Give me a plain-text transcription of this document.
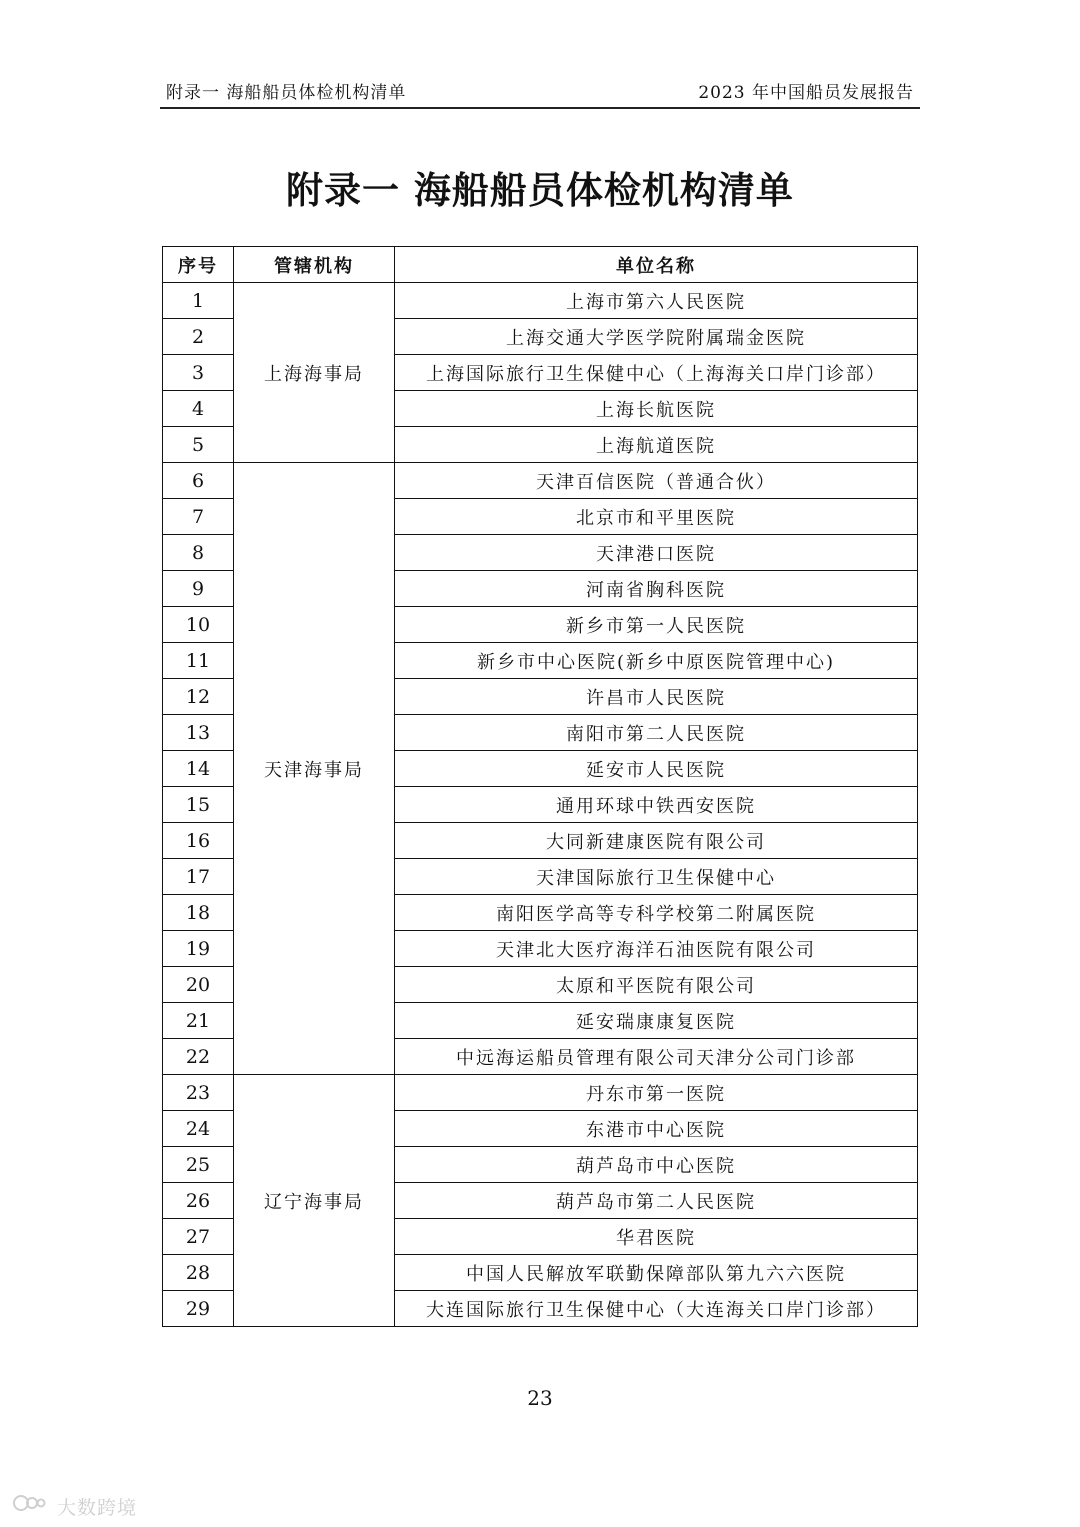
附录一 海船船员体检机构清单	2023 年中国船员发展报告
附录一 海船船员体检机构清单
序号	管辖机构	单位名称
1	上海海事局	上海市第六人民医院
2		上海交通大学医学院附属瑞金医院
3		上海国际旅行卫生保健中心（上海海关口岸门诊部）
4		上海长航医院
5		上海航道医院
6	天津海事局	天津百信医院（普通合伙）
7		北京市和平里医院
8		天津港口医院
9		河南省胸科医院
10		新乡市第一人民医院
11		新乡市中心医院(新乡中原医院管理中心)
12		许昌市人民医院
13		南阳市第二人民医院
14		延安市人民医院
15		通用环球中铁西安医院
16		大同新建康医院有限公司
17		天津国际旅行卫生保健中心
18		南阳医学高等专科学校第二附属医院
19		天津北大医疗海洋石油医院有限公司
20		太原和平医院有限公司
21		延安瑞康康复医院
22		中远海运船员管理有限公司天津分公司门诊部
23	辽宁海事局	丹东市第一医院
24		东港市中心医院
25		葫芦岛市中心医院
26		葫芦岛市第二人民医院
27		华君医院
28		中国人民解放军联勤保障部队第九六六医院
29		大连国际旅行卫生保健中心（大连海关口岸门诊部）
23
大数跨境
